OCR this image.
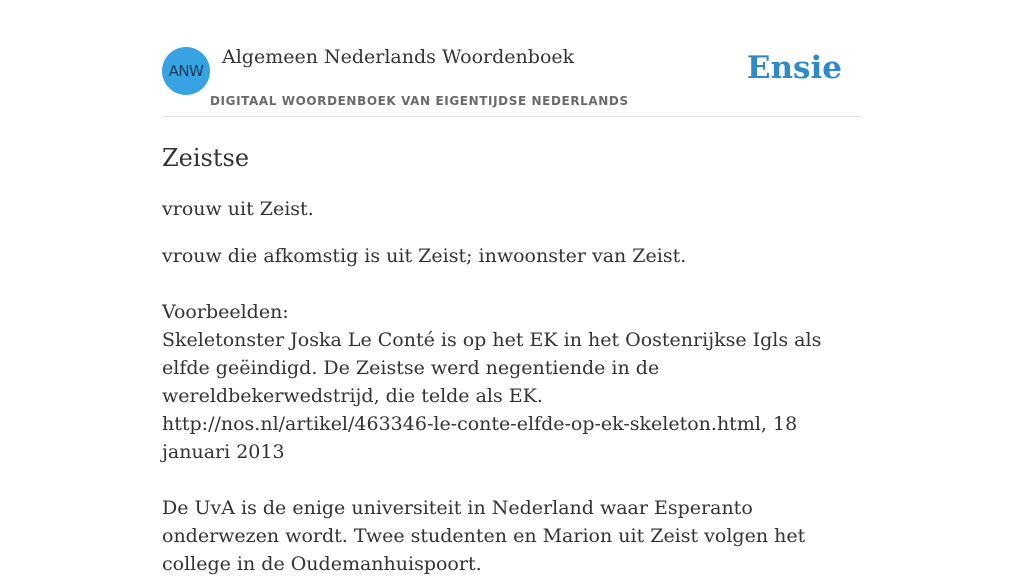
ANW
Algemeen Nederlands Woordenboek
DIGITAAL WOORDENBOEK VAN EIGENTIJDSE NEDERLANDS
Ensie
Zeistse

vrouw uit Zeist.

vrouw die afkomstig is uit Zeist; inwoonster van Zeist.

Voorbeelden:

Skeletonster Joska Le Conté is op het EK in het Oostenrijkse Igls als elfde geëindigd. De Zeistse werd negentiende in de wereldbekerwedstrijd, die telde als EK.

http://nos.nl/artikel/463346-le-conte-elfde-op-ek-skeleton.html, 18 januari 2013

De UvA is de enige universiteit in Nederland waar Esperanto onderwezen wordt. Twee studenten en Marion uit Zeist volgen het college in de Oudemanhuispoort.
